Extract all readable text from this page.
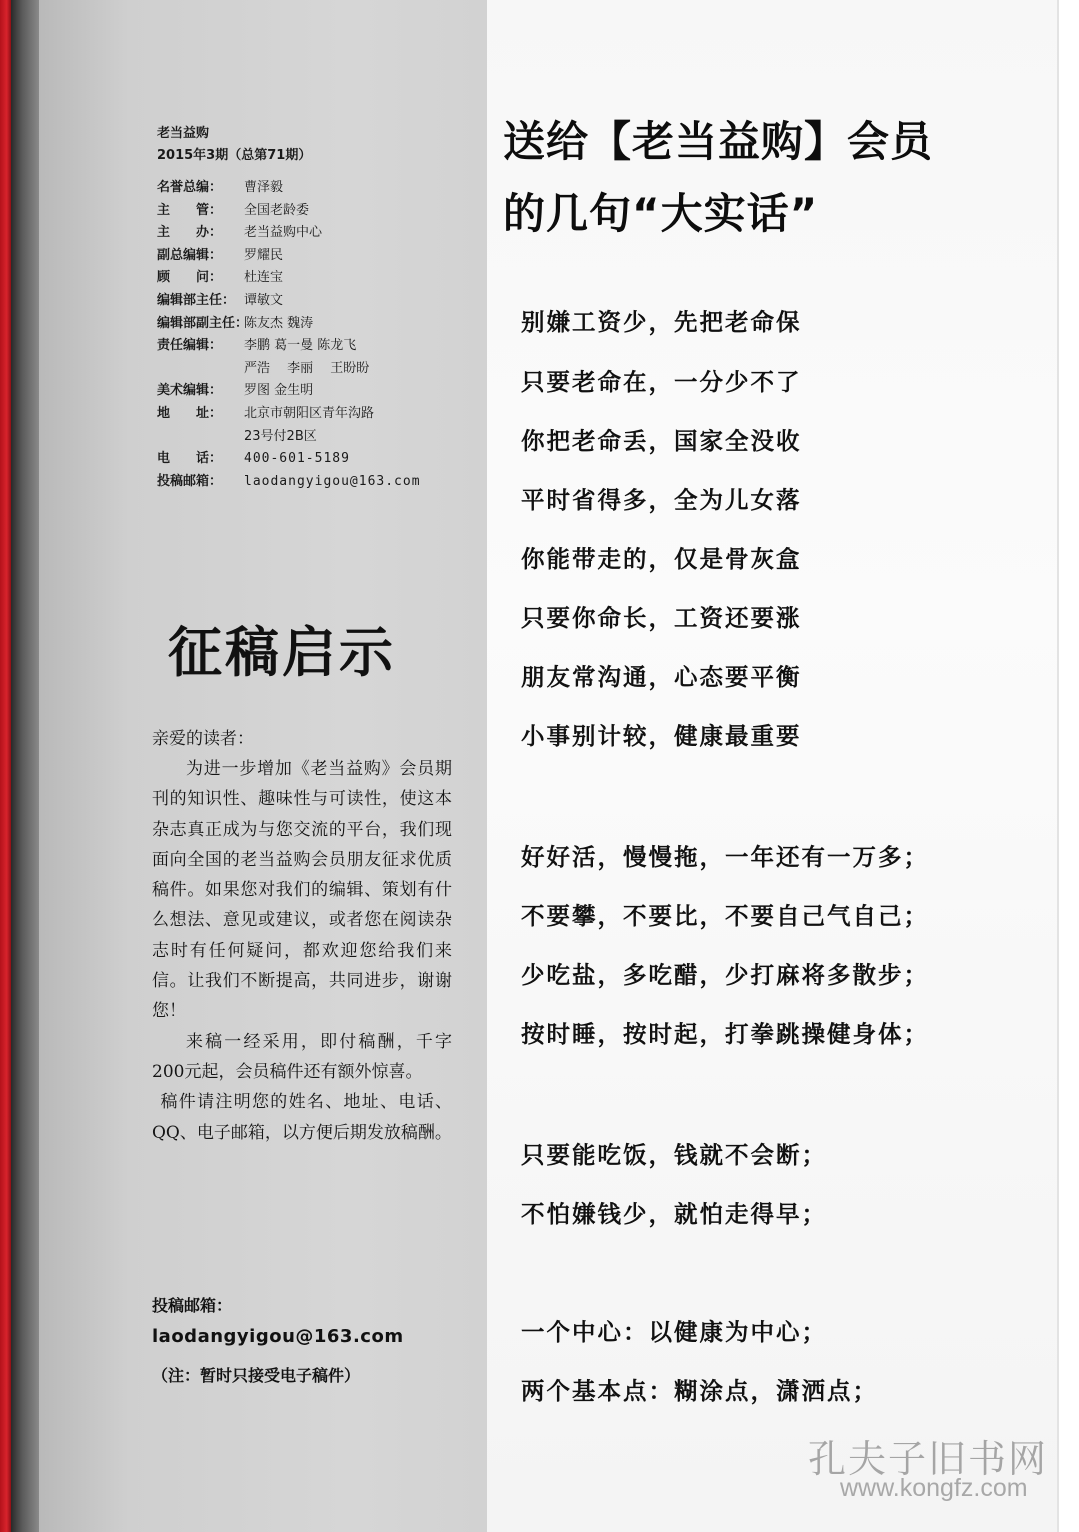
老当益购
2015年3期（总第71期）
名誉总编：	曹泽毅
主　　管：	全国老龄委
主　　办：	老当益购中心
副总编辑：	罗耀民
顾　　问：	杜连宝
编辑部主任： 谭敏文
编辑部副主任：
陈友杰 魏涛
责任编辑：	李鹏 葛一曼 陈龙飞
严浩　 李丽　 王盼盼
美术编辑：	罗图 金生明
地　　址：	北京市朝阳区青年沟路
23号付2B区
电　　话：	400-601-5189
投稿邮箱：	laodangyigou@163.com
征稿启示
亲爱的读者：
为进一步增加《老当益购》会员期刊的知识性、趣味性与可读性，使这本杂志真正成为与您交流的平台，我们现面向全国的老当益购会员朋友征求优质稿件。如果您对我们的编辑、策划有什么想法、意见或建议，或者您在阅读杂志时有任何疑问，都欢迎您给我们来信。让我们不断提高，共同进步，谢谢您！
来稿一经采用，即付稿酬，千字200元起，会员稿件还有额外惊喜。
稿件请注明您的姓名、地址、电话、QQ、电子邮箱，以方便后期发放稿酬。
投稿邮箱：
laodangyigou@163.com
（注：暂时只接受电子稿件）
送给【老当益购】会员
的几句“大实话”
别嫌工资少，先把老命保
只要老命在，一分少不了
你把老命丢，国家全没收
平时省得多，全为儿女落
你能带走的，仅是骨灰盒
只要你命长，工资还要涨
朋友常沟通，心态要平衡
小事别计较，健康最重要
好好活，慢慢拖，一年还有一万多；
不要攀，不要比，不要自己气自己；
少吃盐，多吃醋，少打麻将多散步；
按时睡，按时起，打拳跳操健身体；
只要能吃饭，钱就不会断；
不怕嫌钱少，就怕走得早；
一个中心：以健康为中心；
两个基本点：糊涂点，潇洒点；
孔夫子旧书网
www.kongfz.com
